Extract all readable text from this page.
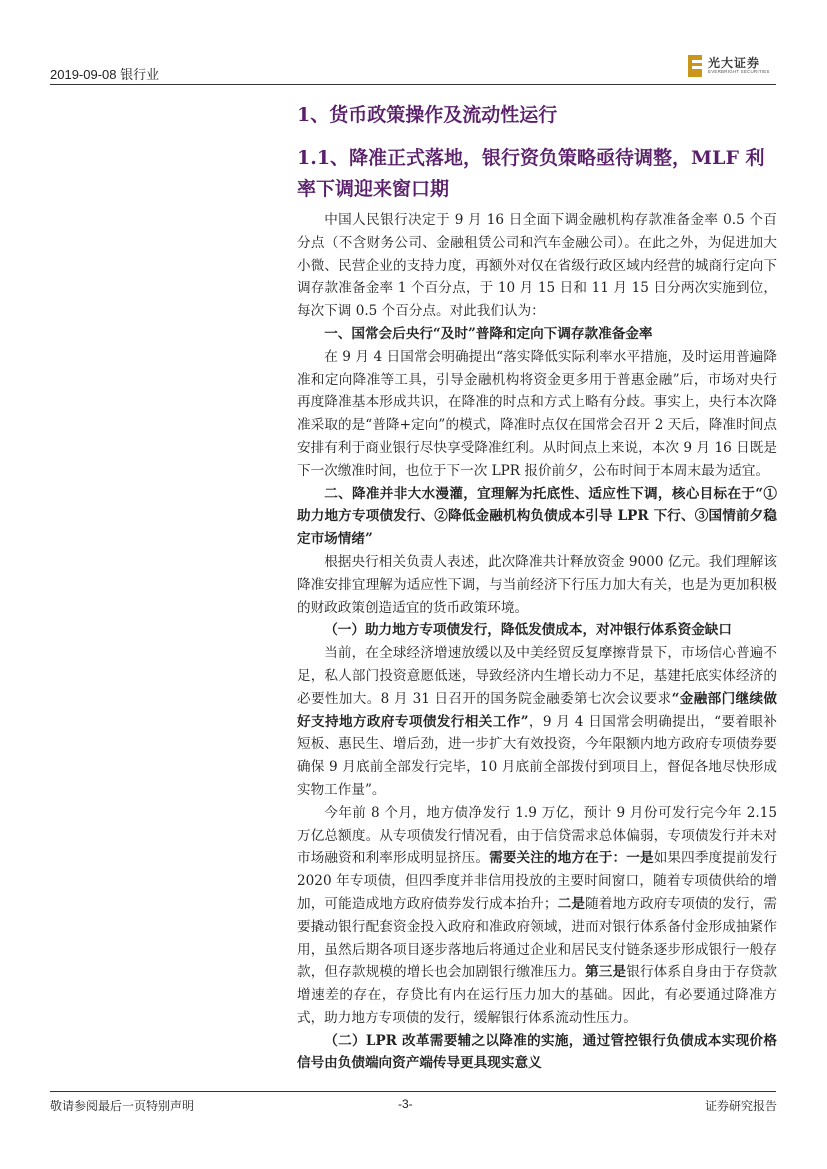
2019-09-08 银行业
光大证券
EVERBRIGHT SECURITIES
1、货币政策操作及流动性运行
1.1、降准正式落地，银行资负策略亟待调整，MLF 利率下调迎来窗口期

中国人民银行决定于 9 月 16 日全面下调金融机构存款准备金率 0.5 个百分点（不含财务公司、金融租赁公司和汽车金融公司）。在此之外，为促进加大小微、民营企业的支持力度，再额外对仅在省级行政区域内经营的城商行定向下调存款准备金率 1 个百分点，于 10 月 15 日和 11 月 15 日分两次实施到位，每次下调 0.5 个百分点。对此我们认为：

一、国常会后央行“及时”普降和定向下调存款准备金率

在 9 月 4 日国常会明确提出“落实降低实际利率水平措施，及时运用普遍降准和定向降准等工具，引导金融机构将资金更多用于普惠金融”后，市场对央行再度降准基本形成共识，在降准的时点和方式上略有分歧。事实上，央行本次降准采取的是“普降+定向”的模式，降准时点仅在国常会召开 2 天后，降准时间点安排有利于商业银行尽快享受降准红利。从时间点上来说，本次 9 月 16 日既是下一次缴准时间，也位于下一次 LPR 报价前夕，公布时间于本周末最为适宜。

二、降准并非大水漫灌，宜理解为托底性、适应性下调，核心目标在于“①助力地方专项债发行、②降低金融机构负债成本引导 LPR 下行、③国情前夕稳定市场情绪”

根据央行相关负责人表述，此次降准共计释放资金 9000 亿元。我们理解该降准安排宜理解为适应性下调，与当前经济下行压力加大有关，也是为更加积极的财政政策创造适宜的货币政策环境。

（一）助力地方专项债发行，降低发债成本，对冲银行体系资金缺口

当前，在全球经济增速放缓以及中美经贸反复摩擦背景下，市场信心普遍不足，私人部门投资意愿低迷，导致经济内生增长动力不足，基建托底实体经济的必要性加大。8 月 31 日召开的国务院金融委第七次会议要求“金融部门继续做好支持地方政府专项债发行相关工作”，9 月 4 日国常会明确提出，“要着眼补短板、惠民生、增后劲，进一步扩大有效投资，今年限额内地方政府专项债券要确保 9 月底前全部发行完毕，10 月底前全部拨付到项目上，督促各地尽快形成实物工作量”。

今年前 8 个月，地方债净发行 1.9 万亿，预计 9 月份可发行完今年 2.15 万亿总额度。从专项债发行情况看，由于信贷需求总体偏弱，专项债发行并未对市场融资和利率形成明显挤压。需要关注的地方在于：一是如果四季度提前发行 2020 年专项债，但四季度并非信用投放的主要时间窗口，随着专项债供给的增加，可能造成地方政府债券发行成本抬升；二是随着地方政府专项债的发行，需要撬动银行配套资金投入政府和准政府领域，进而对银行体系备付金形成抽紧作用，虽然后期各项目逐步落地后将通过企业和居民支付链条逐步形成银行一般存款，但存款规模的增长也会加剧银行缴准压力。第三是银行体系自身由于存贷款增速差的存在，存贷比有内在运行压力加大的基础。因此，有必要通过降准方式，助力地方专项债的发行，缓解银行体系流动性压力。

（二）LPR 改革需要辅之以降准的实施，通过管控银行负债成本实现价格信号由负债端向资产端传导更具现实意义

敬请参阅最后一页特别声明	-3-	证券研究报告
